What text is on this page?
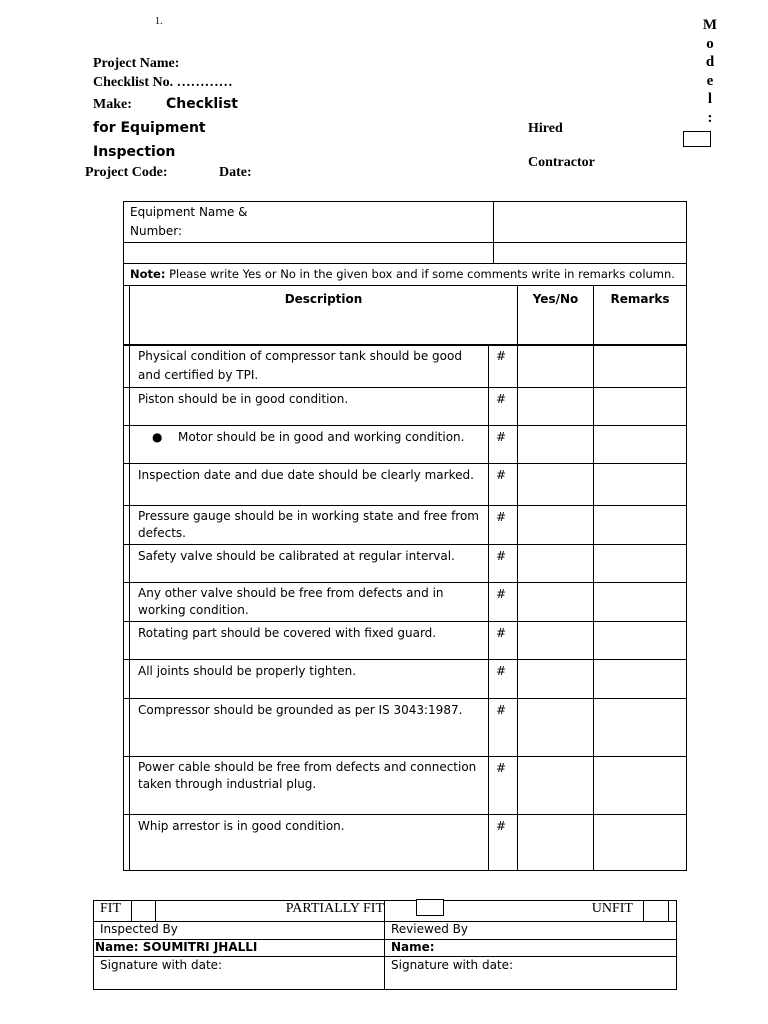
1.	M
o
d
e
l
:
Project Name:
Checklist No. …………
Make: Checklist
for Equipment
Inspection
Project Code:	Date:
Hired
Contractor
Equipment Name & Number:	

Note: Please write Yes or No in the given box and if some comments write in remarks column.	
	Description	Yes/No	Remarks
	Physical condition of compressor tank should be good and certified by TPI.	#		
	Piston should be in good condition.	#		
	● Motor should be in good and working condition.	#		
	Inspection date and due date should be clearly marked.	#		
	Pressure gauge should be in working state and free from defects.	#		
	Safety valve should be calibrated at regular interval.	#		
	Any other valve should be free from defects and in working condition.	#		
	Rotating part should be covered with fixed guard.	#		
	All joints should be properly tighten.	#		
	Compressor should be grounded as per IS 3043:1987.	#		
	Power cable should be free from defects and connection taken through industrial plug.	#		
	Whip arrestor is in good condition.	#		
FIT		PARTIALLY FIT	UNFIT		
Inspected By			Reviewed By		
Name: SOUMITRI JHALLI			Name:		
Signature with date:			Signature with date:		
